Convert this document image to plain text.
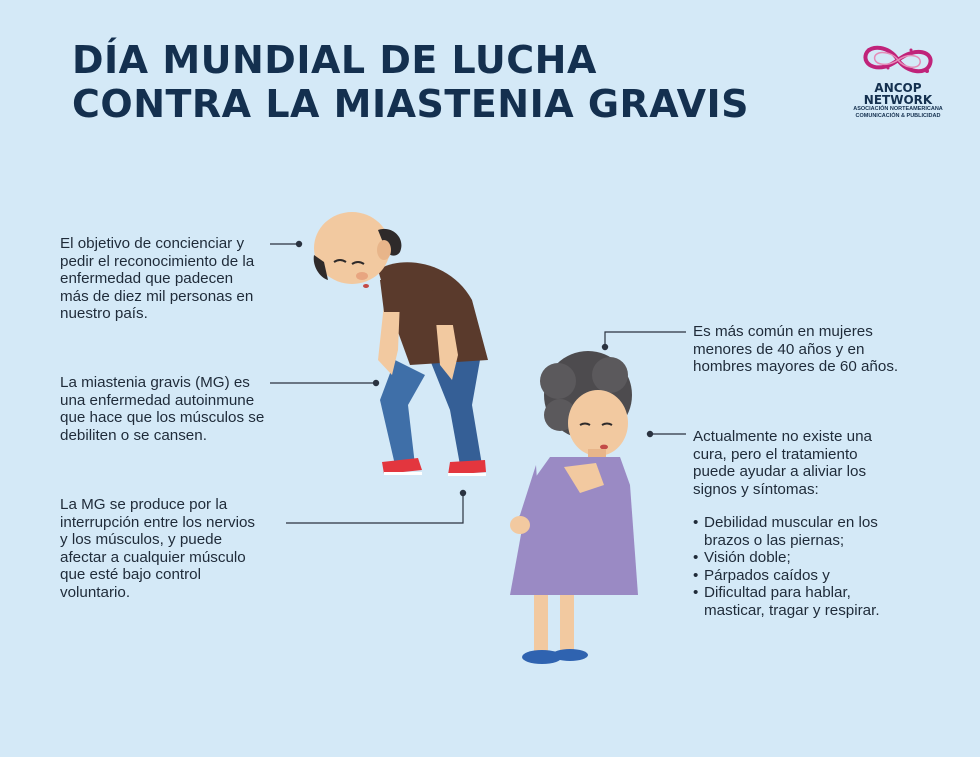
DÍA MUNDIAL DE LUCHA
CONTRA LA MIASTENIA GRAVIS	ANCOP
NETWORK
ASOCIACIÓN NORTEAMERICANA
COMUNICACIÓN & PUBLICIDAD
El objetivo de concienciar y
pedir el reconocimiento de la
enfermedad que padecen
más de diez mil personas en
nuestro país.
La miastenia gravis (MG) es
una enfermedad autoinmune
que hace que los músculos se
debiliten o se cansen.
La MG se produce por la
interrupción entre los nervios
y los músculos, y puede
afectar a cualquier músculo
que esté bajo control
voluntario.
Es más común en mujeres
menores de 40 años y en
hombres mayores de 60 años.
Actualmente no existe una
cura, pero el tratamiento
puede ayudar a aliviar los
signos y síntomas:
• Debilidad muscular en los
brazos o las piernas;
• Visión doble;
• Párpados caídos y
• Dificultad para hablar,
masticar, tragar y respirar.
